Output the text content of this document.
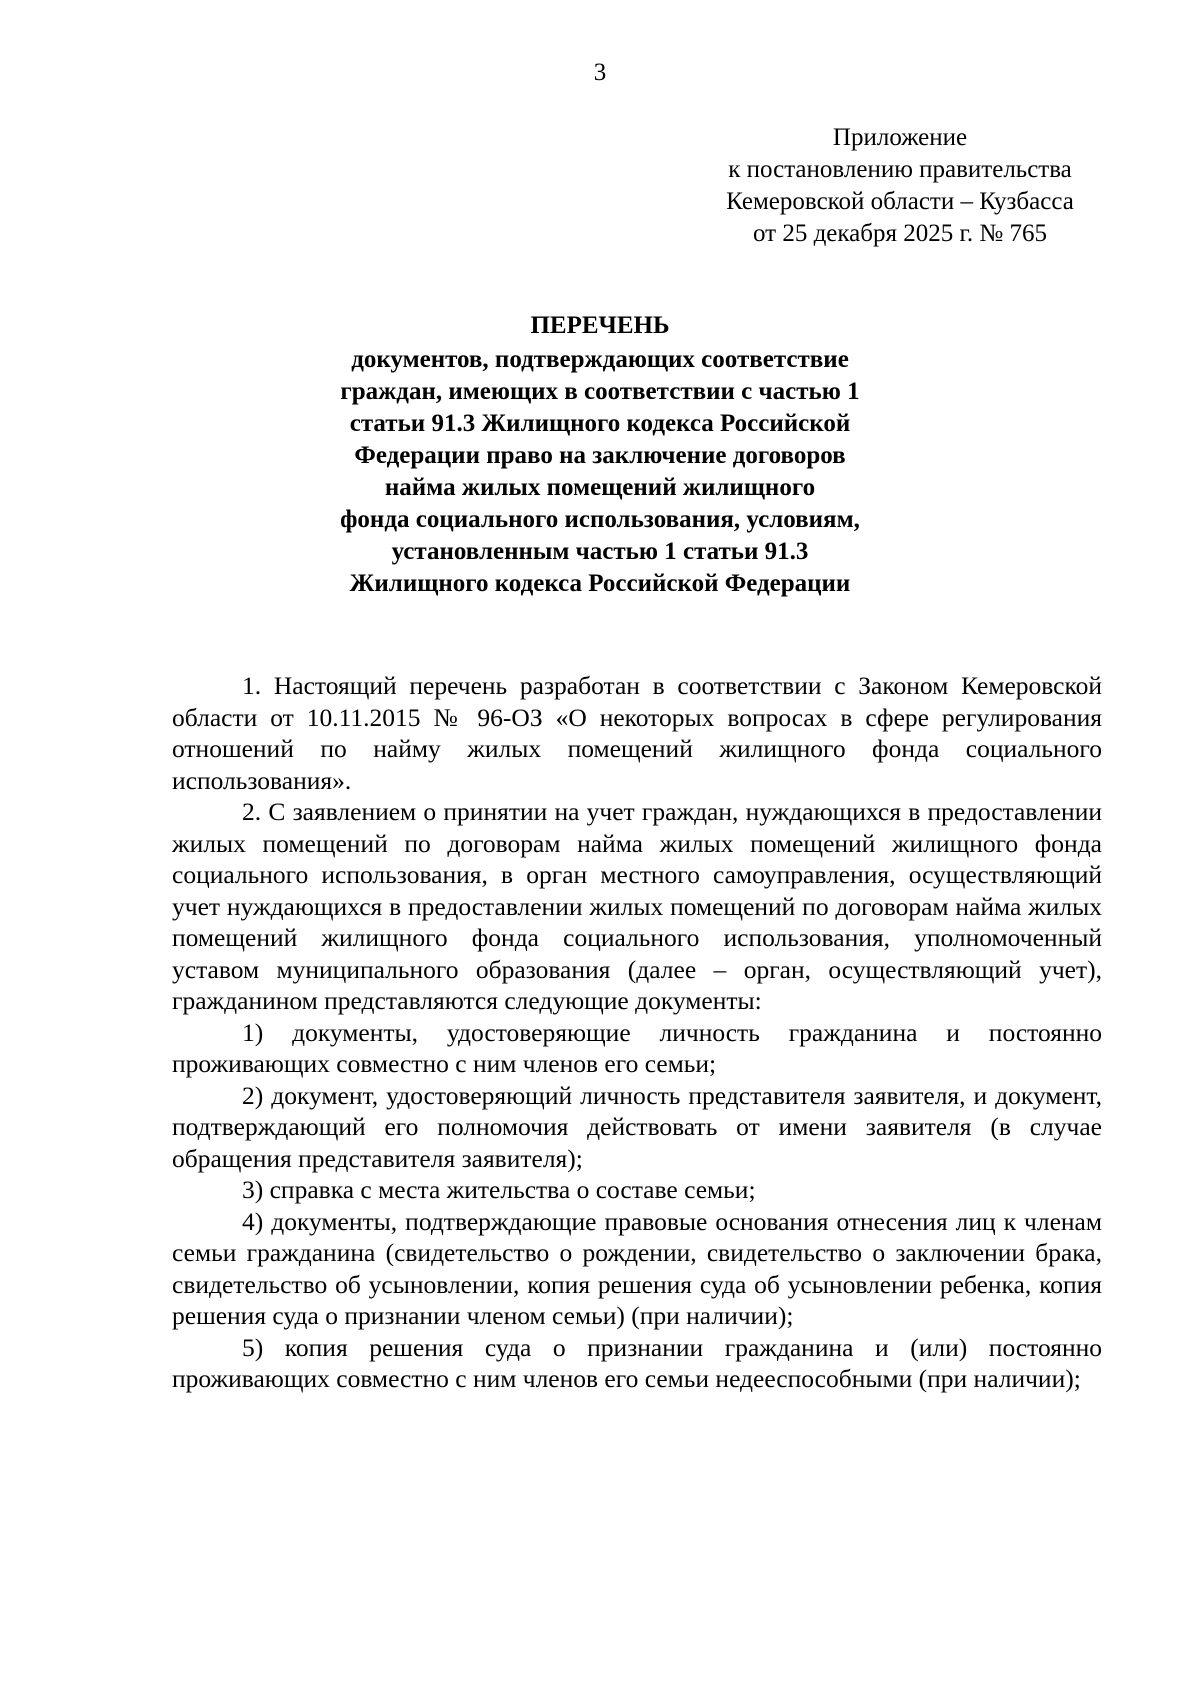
3
Приложение
к постановлению правительства
Кемеровской области – Кузбасса
от 25 декабря 2025 г. № 765
ПЕРЕЧЕНЬ
документов, подтверждающих соответствие
граждан, имеющих в соответствии с частью 1
статьи 91.3 Жилищного кодекса Российской
Федерации право на заключение договоров
найма жилых помещений жилищного
фонда социального использования, условиям,
установленным частью 1 статьи 91.3
Жилищного кодекса Российской Федерации

1. Настоящий перечень разработан в соответствии с Законом Кемеровской области от 10.11.2015 № 96-ОЗ «О некоторых вопросах в сфере регулирования отношений по найму жилых помещений жилищного фонда социального использования».

2. С заявлением о принятии на учет граждан, нуждающихся в предоставлении жилых помещений по договорам найма жилых помещений жилищного фонда социального использования, в орган местного самоуправления, осуществляющий учет нуждающихся в предоставлении жилых помещений по договорам найма жилых помещений жилищного фонда социального использования, уполномоченный уставом муниципального образования (далее – орган, осуществляющий учет), гражданином представляются следующие документы:

1) документы, удостоверяющие личность гражданина и постоянно проживающих совместно с ним членов его семьи;

2) документ, удостоверяющий личность представителя заявителя, и документ, подтверждающий его полномочия действовать от имени заявителя (в случае обращения представителя заявителя);

3) справка с места жительства о составе семьи;

4) документы, подтверждающие правовые основания отнесения лиц к членам семьи гражданина (свидетельство о рождении, свидетельство о заключении брака, свидетельство об усыновлении, копия решения суда об усыновлении ребенка, копия решения суда о признании членом семьи) (при наличии);

5) копия решения суда о признании гражданина и (или) постоянно проживающих совместно с ним членов его семьи недееспособными (при наличии);
